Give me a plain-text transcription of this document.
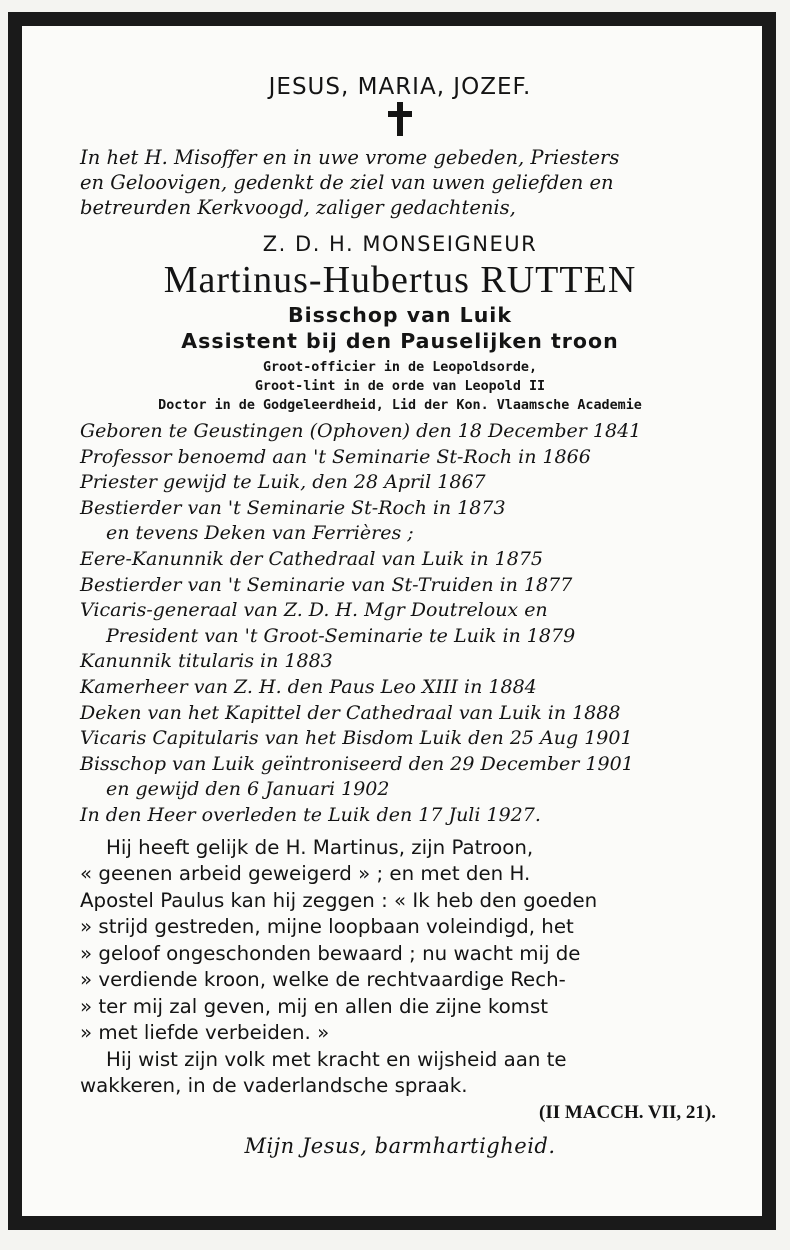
JESUS, MARIA, JOZEF.

In het H. Misoffer en in uwe vrome gebeden, Priesters

en Geloovigen, gedenkt de ziel van uwen geliefden en

betreurden Kerkvoogd, zaliger gedachtenis,

Z. D. H. MONSEIGNEUR
Martinus-Hubertus RUTTEN
Bisschop van Luik
Assistent bij den Pauselijken troon
Groot-officier in de Leopoldsorde,
Groot-lint in de orde van Leopold II
Doctor in de Godgeleerdheid, Lid der Kon. Vlaamsche Academie
Geboren te Geustingen (Ophoven) den 18 December 1841
Professor benoemd aan 't Seminarie St-Roch in 1866
Priester gewijd te Luik, den 28 April 1867
Bestierder van 't Seminarie St-Roch in 1873
en tevens Deken van Ferrières ;
Eere-Kanunnik der Cathedraal van Luik in 1875
Bestierder van 't Seminarie van St-Truiden in 1877
Vicaris-generaal van Z. D. H. Mgr Doutreloux en
President van 't Groot-Seminarie te Luik in 1879
Kanunnik titularis in 1883
Kamerheer van Z. H. den Paus Leo XIII in 1884
Deken van het Kapittel der Cathedraal van Luik in 1888
Vicaris Capitularis van het Bisdom Luik den 25 Aug 1901
Bisschop van Luik geïntroniseerd den 29 December 1901
en gewijd den 6 Januari 1902
In den Heer overleden te Luik den 17 Juli 1927.
Hij heeft gelijk de H. Martinus, zijn Patroon,
« geenen arbeid geweigerd » ; en met den H.
Apostel Paulus kan hij zeggen : « Ik heb den goeden
» strijd gestreden, mijne loopbaan voleindigd, het
» geloof ongeschonden bewaard ; nu wacht mij de
» verdiende kroon, welke de rechtvaardige Rech-
» ter mij zal geven, mij en allen die zijne komst
» met liefde verbeiden. »
Hij wist zijn volk met kracht en wijsheid aan te
wakkeren, in de vaderlandsche spraak.
(II MACCH. VII, 21).
Mijn Jesus, barmhartigheid.
